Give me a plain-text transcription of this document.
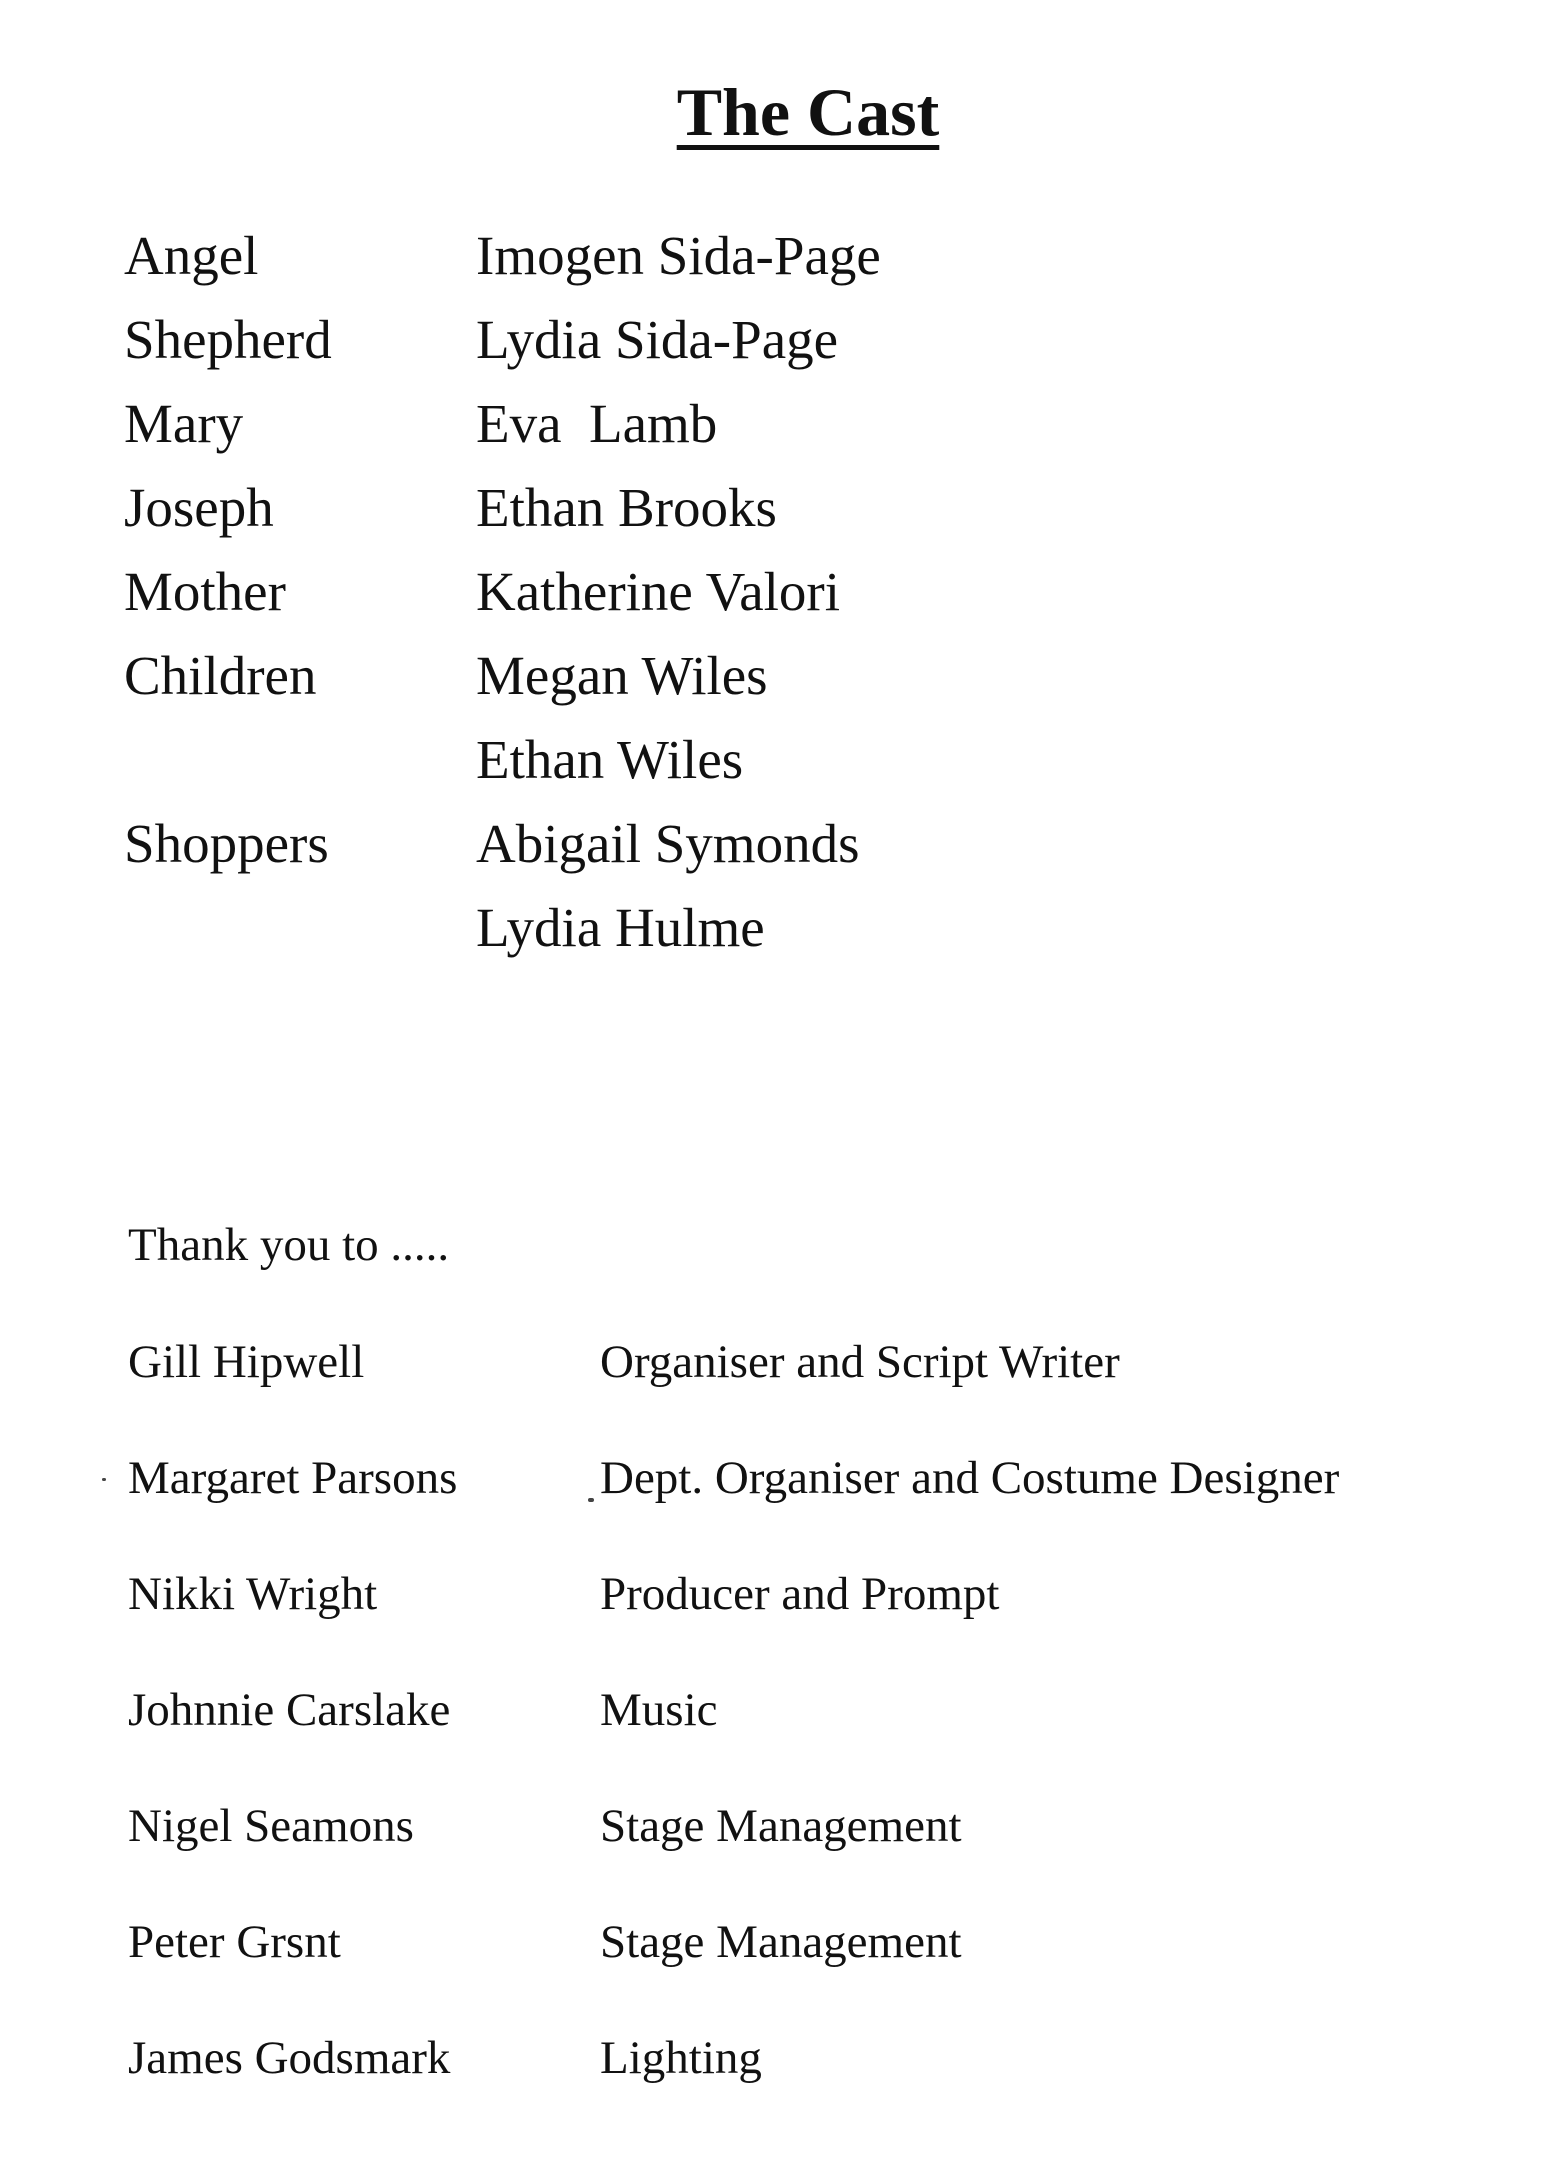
The Cast
Angel	Imogen Sida-Page
Shepherd	Lydia Sida-Page
Mary	Eva  Lamb
Joseph	Ethan Brooks
Mother	Katherine Valori
Children	Megan Wiles
Ethan Wiles
Shoppers	Abigail Symonds
Lydia Hulme
Thank you to .....
Gill Hipwell	Organiser and Script Writer
Margaret Parsons	Dept. Organiser and Costume Designer
Nikki Wright	Producer and Prompt
Johnnie Carslake	Music
Nigel Seamons	Stage Management
Peter Grsnt	Stage Management
James Godsmark	Lighting
